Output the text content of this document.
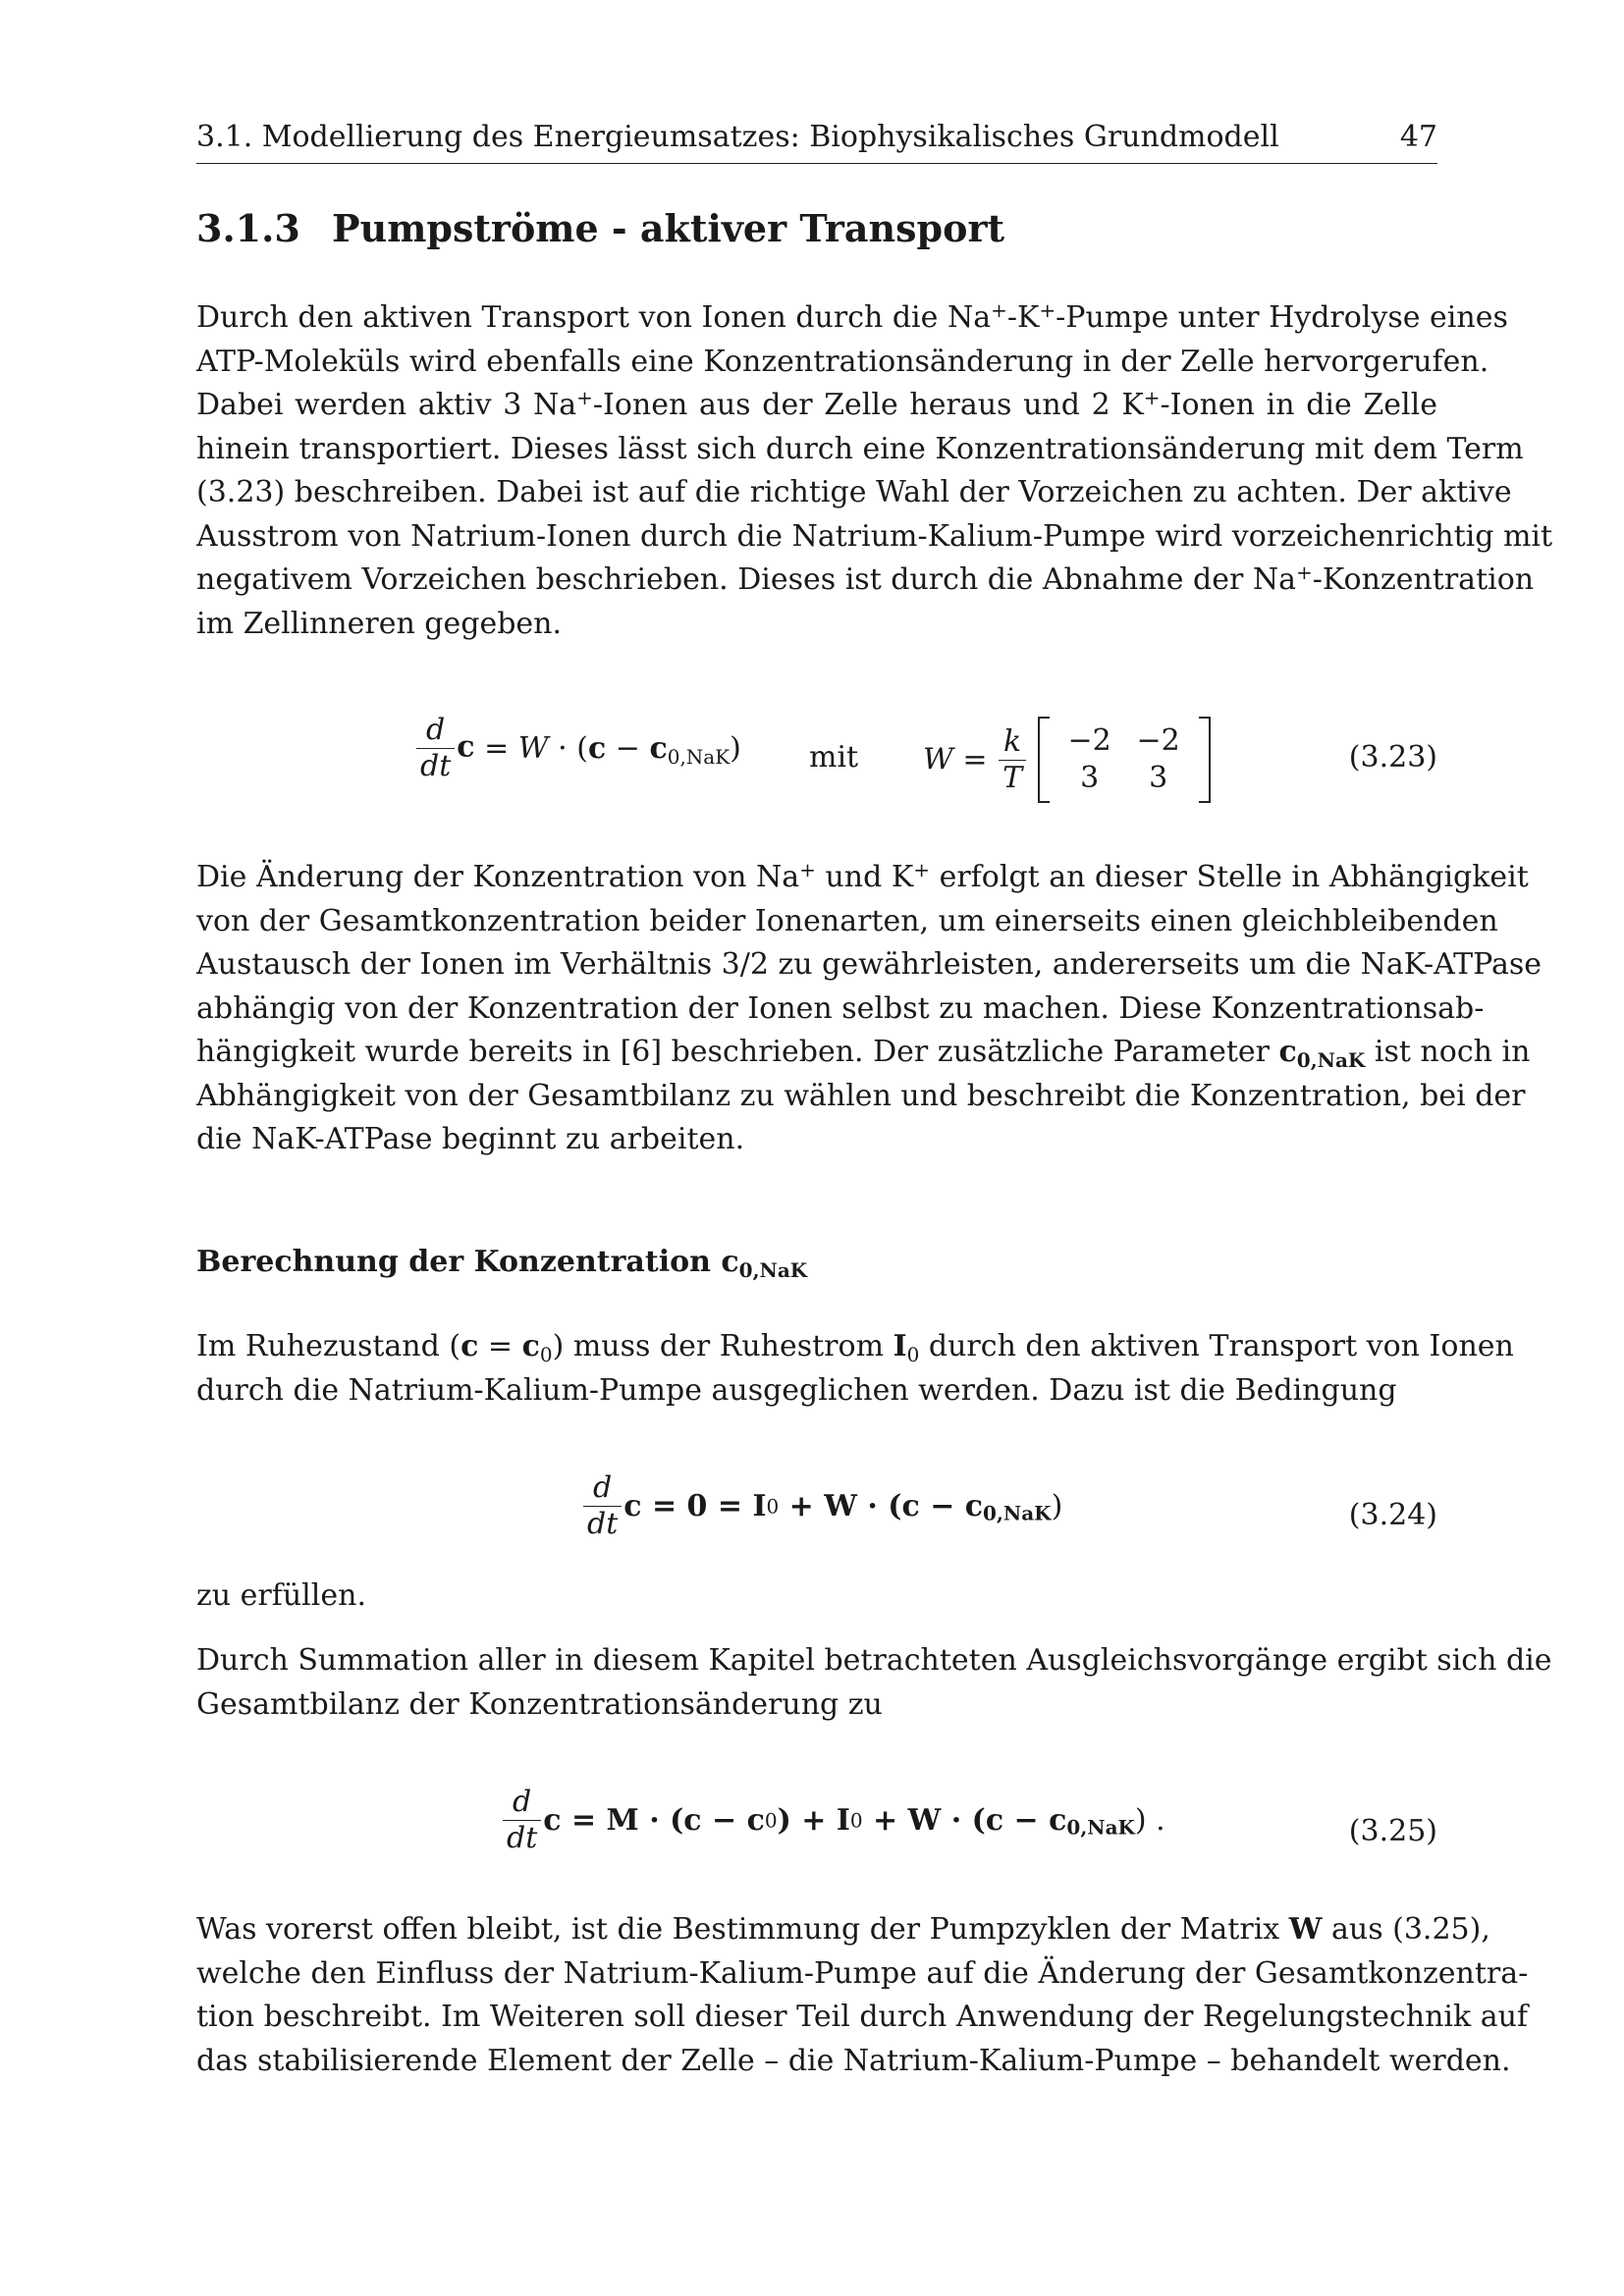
3.1. Modellierung des Energieumsatzes: Biophysikalisches Grundmodell	47
3.1.3 Pumpströme - aktiver Transport
Durch den aktiven Transport von Ionen durch die Na+-K+-Pumpe unter Hydrolyse eines
ATP-Moleküls wird ebenfalls eine Konzentrationsänderung in der Zelle hervorgerufen.
Dabei werden aktiv 3 Na+-Ionen aus der Zelle heraus und 2 K+-Ionen in die Zelle
hinein transportiert. Dieses lässt sich durch eine Konzentrationsänderung mit dem Term
(3.23) beschreiben. Dabei ist auf die richtige Wahl der Vorzeichen zu achten. Der aktive
Ausstrom von Natrium-Ionen durch die Natrium-Kalium-Pumpe wird vorzeichenrichtig mit
negativem Vorzeichen beschrieben. Dieses ist durch die Abnahme der Na+-Konzentration
im Zellinneren gegeben.
$\frac{d}{dt}$ $c = W \cdot (c - c_{0,NaK})$ mit $W = \frac{k}{T}$
	−2 −2
3 3
(3.23)
Die Änderung der Konzentration von Na+ und K+ erfolgt an dieser Stelle in Abhängigkeit
von der Gesamtkonzentration beider Ionenarten, um einerseits einen gleichbleibenden
Austausch der Ionen im Verhältnis 3/2 zu gewährleisten, andererseits um die NaK-ATPase
abhängig von der Konzentration der Ionen selbst zu machen. Diese Konzentrationsab-
hängigkeit wurde bereits in [6] beschrieben. Der zusätzliche Parameter $c_{0,NaK}$ ist noch in
Abhängigkeit von der Gesamtbilanz zu wählen und beschreibt die Konzentration, bei der
die NaK-ATPase beginnt zu arbeiten.
Berechnung der Konzentration $c_{0,NaK}$
Im Ruhezustand $(c = c_0)$ muss der Ruhestrom $I_0$ durch den aktiven Transport von Ionen
durch die Natrium-Kalium-Pumpe ausgeglichen werden. Dazu ist die Bedingung
$\frac{d}{dt}$ $c = 0 = I0 + W \cdot (c - c_{0,NaK})$	(3.24)
zu erfüllen.
Durch Summation aller in diesem Kapitel betrachteten Ausgleichsvorgänge ergibt sich die
Gesamtbilanz der Konzentrationsänderung zu
$\frac{d}{dt}$ $c = M \cdot (c - c0) + I0 + W \cdot (c - c_{0,NaK})$ .	(3.25)
Was vorerst offen bleibt, ist die Bestimmung der Pumpzyklen der Matrix W aus (3.25),
welche den Einfluss der Natrium-Kalium-Pumpe auf die Änderung der Gesamtkonzentra-
tion beschreibt. Im Weiteren soll dieser Teil durch Anwendung der Regelungstechnik auf
das stabilisierende Element der Zelle – die Natrium-Kalium-Pumpe – behandelt werden.
